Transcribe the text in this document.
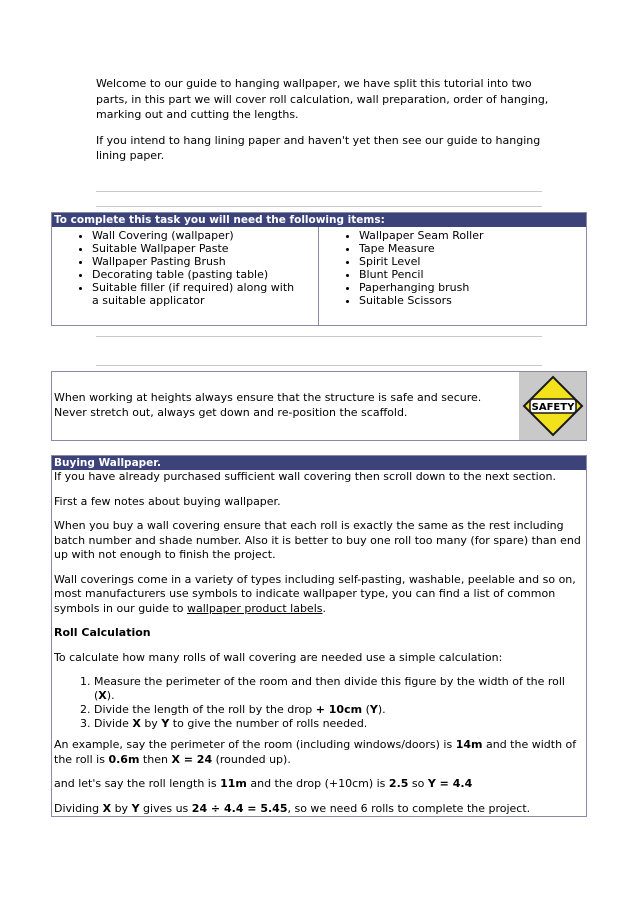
Welcome to our guide to hanging wallpaper, we have split this tutorial into two parts, in this part we will cover roll calculation, wall preparation, order of hanging, marking out and cutting the lengths.

If you intend to hang lining paper and haven't yet then see our guide to hanging lining paper.

To complete this task you will need the following items:
• Wall Covering (wallpaper)
• Suitable Wallpaper Paste
• Wallpaper Pasting Brush
• Decorating table (pasting table)
• Suitable filler (if required) along with a suitable applicator
• Wallpaper Seam Roller
• Tape Measure
• Spirit Level
• Blunt Pencil
• Paperhanging brush
• Suitable Scissors
When working at heights always ensure that the structure is safe and secure. Never stretch out, always get down and re-position the scaffold.	SAFETY
Buying Wallpaper.

If you have already purchased sufficient wall covering then scroll down to the next section.

First a few notes about buying wallpaper.

When you buy a wall covering ensure that each roll is exactly the same as the rest including batch number and shade number. Also it is better to buy one roll too many (for spare) than end up with not enough to finish the project.

Wall coverings come in a variety of types including self-pasting, washable, peelable and so on, most manufacturers use symbols to indicate wallpaper type, you can find a list of common symbols in our guide to wallpaper product labels.

Roll Calculation

To calculate how many rolls of wall covering are needed use a simple calculation:

1. Measure the perimeter of the room and then divide this figure by the width of the roll (X).
2. Divide the length of the roll by the drop + 10cm (Y).
3. Divide X by Y to give the number of rolls needed.

An example, say the perimeter of the room (including windows/doors) is 14m and the width of the roll is 0.6m then X = 24 (rounded up).

and let's say the roll length is 11m and the drop (+10cm) is 2.5 so Y = 4.4

Dividing X by Y gives us 24 ÷ 4.4 = 5.45, so we need 6 rolls to complete the project.
